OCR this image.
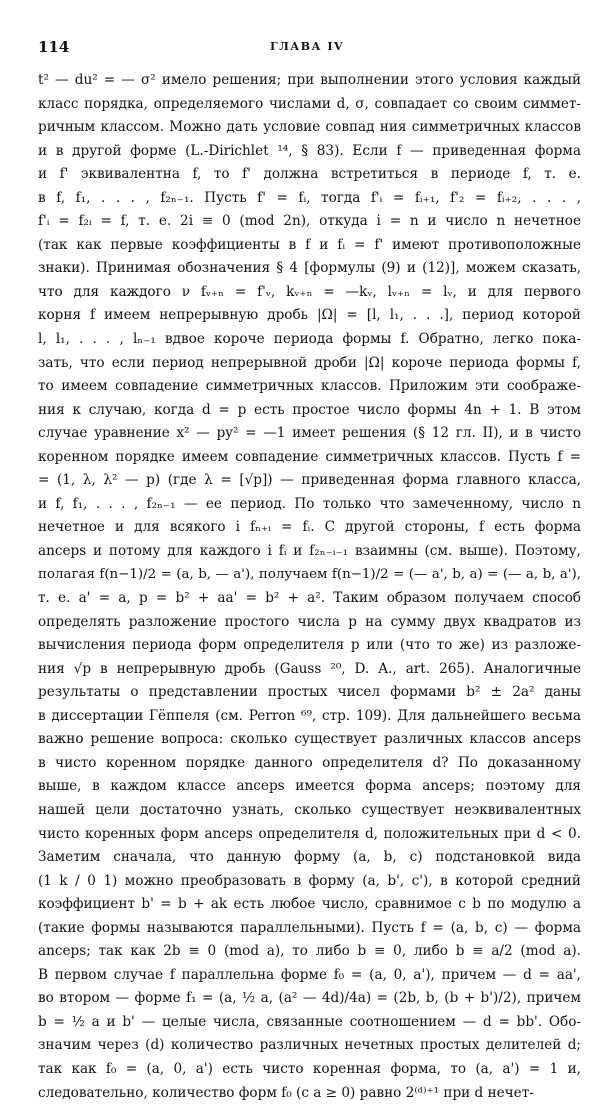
114	ГЛАВА IV
t² — du² = — σ² имело решения; при выполнении этого условия каждый
класс порядка, определяемого числами d, σ, совпадает со своим симмет-
ричным классом. Можно дать условие совпад ния симметричных классов
и в другой форме (L.-Dirichlet ¹⁴, § 83). Если f — приведенная форма
и f' эквивалентна f, то f' должна встретиться в периоде f, т. е.
в f, f₁, . . . , f₂ₙ₋₁. Пусть f' = fᵢ, тогда f'ᵢ = fᵢ₊₁, f'₂ = fᵢ₊₂, . . . ,
f'ᵢ = f₂ᵢ = f, т. е. 2i ≡ 0 (mod 2n), откуда i = n и число n нечетное
(так как первые коэффициенты в f и fᵢ = f' имеют противоположные
знаки). Принимая обозначения § 4 [формулы (9) и (12)], можем сказать,
что для каждого ν fᵥ₊ₙ = f'ᵥ, kᵥ₊ₙ = —kᵥ, lᵥ₊ₙ = lᵥ, и для первого
корня f имеем непрерывную дробь |Ω| = [l, l₁, . . .], период которой
l, l₁, . . . , lₙ₋₁ вдвое короче периода формы f. Обратно, легко пока-
зать, что если период непрерывной дроби |Ω| короче периода формы f,
то имеем совпадение симметричных классов. Приложим эти соображе-
ния к случаю, когда d = p есть простое число формы 4n + 1. В этом
случае уравнение x² — py² = —1 имеет решения (§ 12 гл. II), и в чисто
коренном порядке имеем совпадение симметричных классов. Пусть f =
= (1, λ, λ² — p) (где λ = [√p]) — приведенная форма главного класса,
и f, f₁, . . . , f₂ₙ₋₁ — ее период. По только что замеченному, число n
нечетное и для всякого i fₙ₊ᵢ = fᵢ. С другой стороны, f есть форма
anceps и потому для каждого i fᵢ и f₂ₙ₋ᵢ₋₁ взаимны (см. выше). Поэтому,
полагая f(n−1)/2 = (a, b, — a'), получаем f(n−1)/2 = (— a', b, a) = (— a, b, a'),
т. е. a' = a, p = b² + aa' = b² + a². Таким образом получаем способ
определять разложение простого числа p на сумму двух квадратов из
вычисления периода форм определителя p или (что то же) из разложе-
ния √p в непрерывную дробь (Gauss ²⁰, D. A., art. 265). Аналогичные
результаты о представлении простых чисел формами b² ± 2a² даны
в диссертации Гёппеля (см. Perron ⁶⁹, стр. 109). Для дальнейшего весьма
важно решение вопроса: сколько существует различных классов anceps
в чисто коренном порядке данного определителя d? По доказанному
выше, в каждом классе anceps имеется форма anceps; поэтому для
нашей цели достаточно узнать, сколько существует неэквивалентных
чисто коренных форм anceps определителя d, положительных при d < 0.
Заметим сначала, что данную форму (a, b, c) подстановкой вида
(1 k / 0 1) можно преобразовать в форму (a, b', c'), в которой средний
коэффициент b' = b + ak есть любое число, сравнимое с b по модулю a
(такие формы называются параллельными). Пусть f = (a, b, c) — форма
anceps; так как 2b ≡ 0 (mod a), то либо b ≡ 0, либо b ≡ a/2 (mod a).
В первом случае f параллельна форме f₀ = (a, 0, a'), причем — d = aa',
во втором — форме f₁ = (a, ½ a, (a² — 4d)/4a) = (2b, b, (b + b')/2), причем
b = ½ a и b' — целые числа, связанные соотношением — d = bb'. Обо-
значим через (d) количество различных нечетных простых делителей d;
так как f₀ = (a, 0, a') есть чисто коренная форма, то (a, a') = 1 и,
следовательно, количество форм f₀ (с a ≥ 0) равно 2⁽ᵈ⁾⁺¹ при d нечет-
